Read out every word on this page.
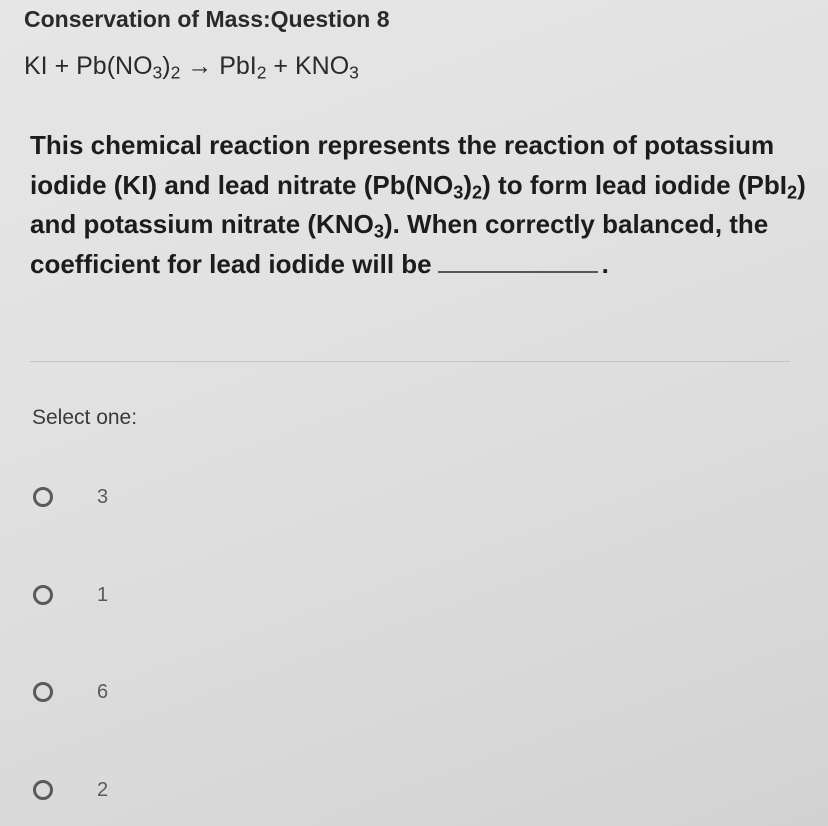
Conservation of Mass:Question 8
KI + $Pb(NO_3)_2 \to PbI_2 + KNO_3$
This chemical reaction represents the reaction of potassium iodide (KI) and lead nitrate $(Pb(NO_3)_2)$ to form lead iodide (PbI$_2$) and potassium nitrate $(KNO_3)$. When correctly balanced, the coefficient for lead iodide will be	.
Select one:
3
1
6
2
